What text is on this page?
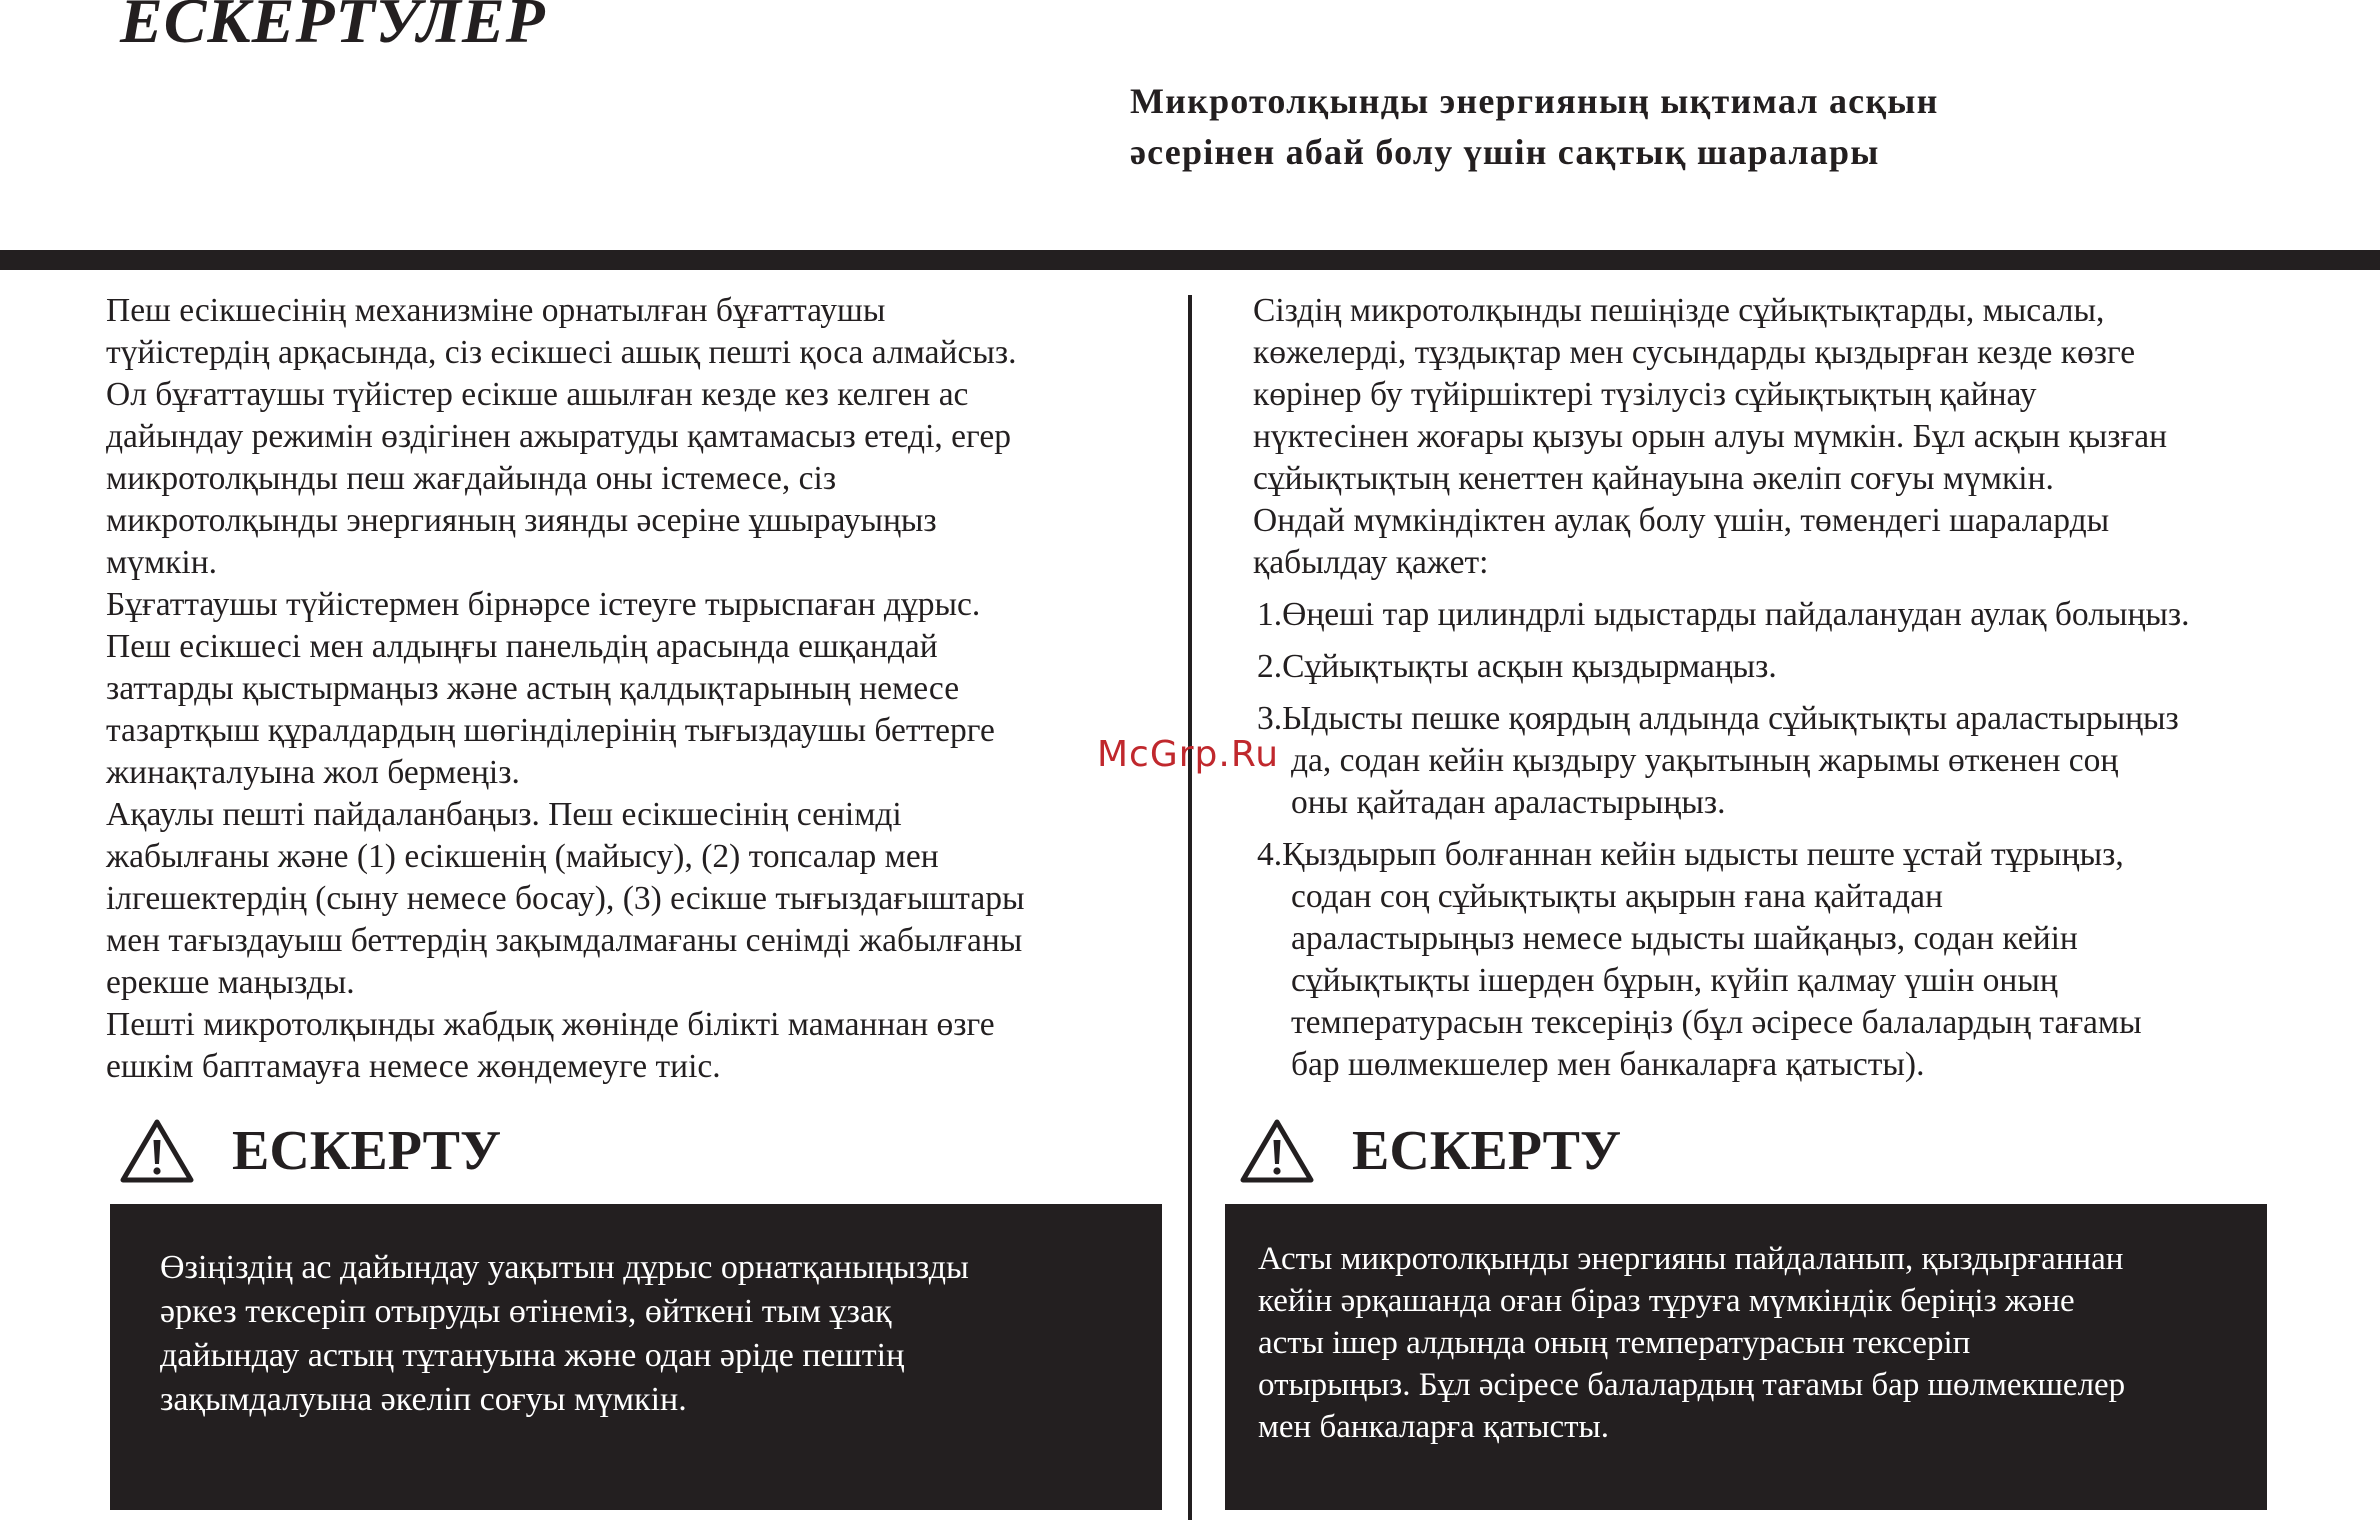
ЕСКЕРТУЛЕР
Микротолқынды энергияның ықтимал асқын
әсерінен абай болу үшін сақтық шаралары

Пеш есікшесінің механизміне орнатылған бұғаттаушы
түйістердің арқасында, сіз есікшесі ашық пешті қоса алмайсыз.
Ол бұғаттаушы түйістер есікше ашылған кезде кез келген ас
дайындау режимін өздігінен ажыратуды қамтамасыз етеді, егер
микротолқынды пеш жағдайында оны істемесе, сіз
микротолқынды энергияның зиянды әсеріне ұшырауыңыз
мүмкін.
Бұғаттаушы түйістермен бірнәрсе істеуге тырыспаған дұрыс.
Пеш есікшесі мен алдыңғы панельдің арасында ешқандай
заттарды қыстырмаңыз және астың қалдықтарының немесе
тазартқыш құралдардың шөгінділерінің тығыздаушы беттерге
жинақталуына жол бермеңіз.
Ақаулы пешті пайдаланбаңыз. Пеш есікшесінің сенімді
жабылғаны және (1) есікшенің (майысу), (2) топсалар мен
ілгешектердің (сыну немесе босау), (3) есікше тығыздағыштары
мен тағыздауыш беттердің зақымдалмағаны сенімді жабылғаны
ерекше маңызды.
Пешті микротолқынды жабдық жөнінде білікті маманнан өзге
ешкім баптамауға немесе жөндемеуге тиіс.

Сіздің микротолқынды пешіңізде сұйықтықтарды, мысалы,
көжелерді, тұздықтар мен сусындарды қыздырған кезде көзге
көрінер бу түйіршіктері түзілусіз сұйықтықтың қайнау
нүктесінен жоғары қызуы орын алуы мүмкін. Бұл асқын қызған
сұйықтықтың кенеттен қайнауына әкеліп соғуы мүмкін.
Ондай мүмкіндіктен аулақ болу үшін, төмендегі шараларды
қабылдау қажет:

1.Өңеші тар цилиндрлі ыдыстарды пайдаланудан аулақ болыңыз.
2.Сұйықтықты асқын қыздырмаңыз.
3.Ыдысты пешке қоярдың алдында сұйықтықты араластырыңыз
да, содан кейін қыздыру уақытының жарымы өткенен соң
оны қайтадан араластырыңыз.
4.Қыздырып болғаннан кейін ыдысты пеште ұстай тұрыңыз,
содан соң сұйықтықты ақырын ғана қайтадан
араластырыңыз немесе ыдысты шайқаңыз, содан кейін
сұйықтықты ішерден бұрын, күйіп қалмау үшін оның
температурасын тексеріңіз (бұл әсіресе балалардың тағамы
бар шөлмекшелер мен банкаларға қатысты).
ЕСКЕРТУ
Өзіңіздің ас дайындау уақытын дұрыс орнатқаныңызды
әркез тексеріп отыруды өтінеміз, өйткені тым ұзақ
дайындау астың тұтануына және одан әріде пештің
зақымдалуына әкеліп соғуы мүмкін.
ЕСКЕРТУ
Асты микротолқынды энергияны пайдаланып, қыздырғаннан
кейін әрқашанда оған біраз тұруға мүмкіндік беріңіз және
асты ішер алдында оның температурасын тексеріп
отырыңыз. Бұл әсіресе балалардың тағамы бар шөлмекшелер
мен банкаларға қатысты.
McGrp.Ru
